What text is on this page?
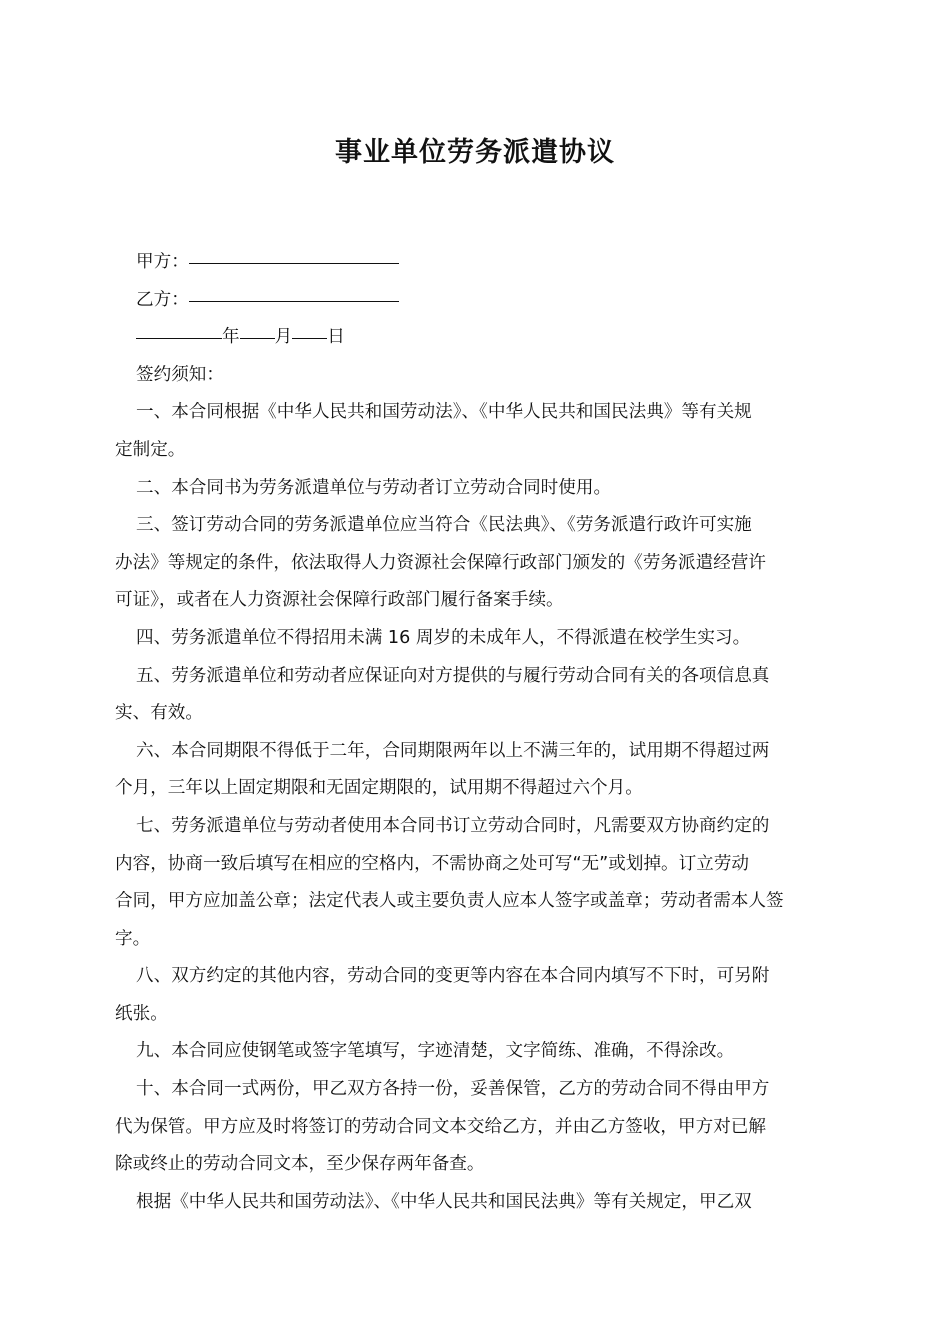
事业单位劳务派遣协议
甲方：
乙方：
年 月 日
签约须知：
一、本合同根据《中华人民共和国劳动法》、《中华人民共和国民法典》等有关规
定制定。
二、本合同书为劳务派遣单位与劳动者订立劳动合同时使用。
三、签订劳动合同的劳务派遣单位应当符合《民法典》、《劳务派遣行政许可实施
办法》等规定的条件，依法取得人力资源社会保障行政部门颁发的《劳务派遣经营许
可证》，或者在人力资源社会保障行政部门履行备案手续。
四、劳务派遣单位不得招用未满 16 周岁的未成年人，不得派遣在校学生实习。
五、劳务派遣单位和劳动者应保证向对方提供的与履行劳动合同有关的各项信息真
实、有效。
六、本合同期限不得低于二年，合同期限两年以上不满三年的，试用期不得超过两
个月，三年以上固定期限和无固定期限的，试用期不得超过六个月。
七、劳务派遣单位与劳动者使用本合同书订立劳动合同时，凡需要双方协商约定的
内容，协商一致后填写在相应的空格内，不需协商之处可写“无”或划掉。订立劳动
合同，甲方应加盖公章；法定代表人或主要负责人应本人签字或盖章；劳动者需本人签
字。
八、双方约定的其他内容，劳动合同的变更等内容在本合同内填写不下时，可另附
纸张。
九、本合同应使钢笔或签字笔填写，字迹清楚，文字简练、准确，不得涂改。
十、本合同一式两份，甲乙双方各持一份，妥善保管，乙方的劳动合同不得由甲方
代为保管。甲方应及时将签订的劳动合同文本交给乙方，并由乙方签收，甲方对已解
除或终止的劳动合同文本，至少保存两年备查。
根据《中华人民共和国劳动法》、《中华人民共和国民法典》等有关规定，甲乙双
